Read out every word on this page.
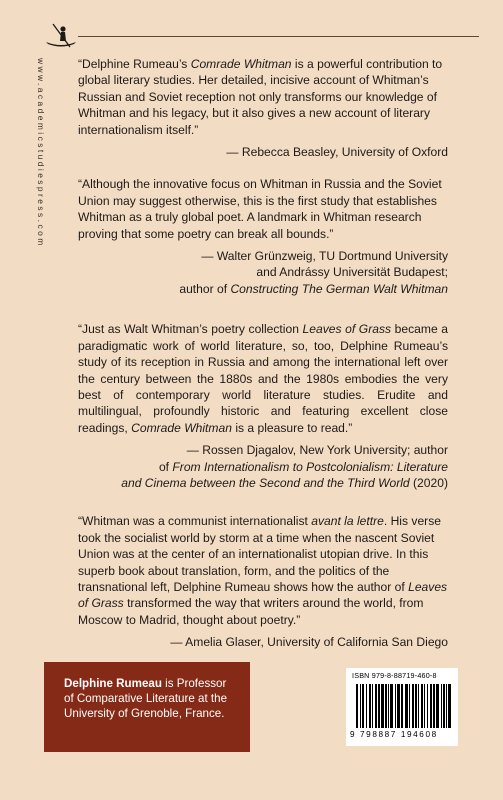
www.academicstudiespress.com	“Delphine Rumeau’s Comrade Whitman is a powerful contribution to global literary studies. Her detailed, incisive account of Whitman’s Russian and Soviet reception not only transforms our knowledge of Whitman and his legacy, but it also gives a new account of literary internationalism itself.”

— Rebecca Beasley, University of Oxford

“Although the innovative focus on Whitman in Russia and the Soviet Union may suggest otherwise, this is the first study that establishes Whitman as a truly global poet. A landmark in Whitman research proving that some poetry can break all bounds.”

— Walter Grünzweig, TU Dortmund University
and Andrássy Universität Budapest;
author of Constructing The German Walt Whitman

“Just as Walt Whitman’s poetry collection Leaves of Grass became a paradigmatic work of world literature, so, too, Delphine Rumeau’s study of its reception in Russia and among the international left over the century between the 1880s and the 1980s embodies the very best of contemporary world literature studies. Erudite and multilingual, profoundly historic and featuring excellent close readings, Comrade Whitman is a pleasure to read.”

— Rossen Djagalov, New York University; author
of From Internationalism to Postcolonialism: Literature
and Cinema between the Second and the Third World (2020)

“Whitman was a communist internationalist avant la lettre. His verse took the socialist world by storm at a time when the nascent Soviet Union was at the center of an internationalist utopian drive. In this superb book about translation, form, and the politics of the transnational left, Delphine Rumeau shows how the author of Leaves of Grass transformed the way that writers around the world, from Moscow to Madrid, thought about poetry.”

— Amelia Glaser, University of California San Diego
Delphine Rumeau is Professor of Comparative Literature at the University of Grenoble, France.
ISBN 979-8-88719-460-8
9 798887 194608
